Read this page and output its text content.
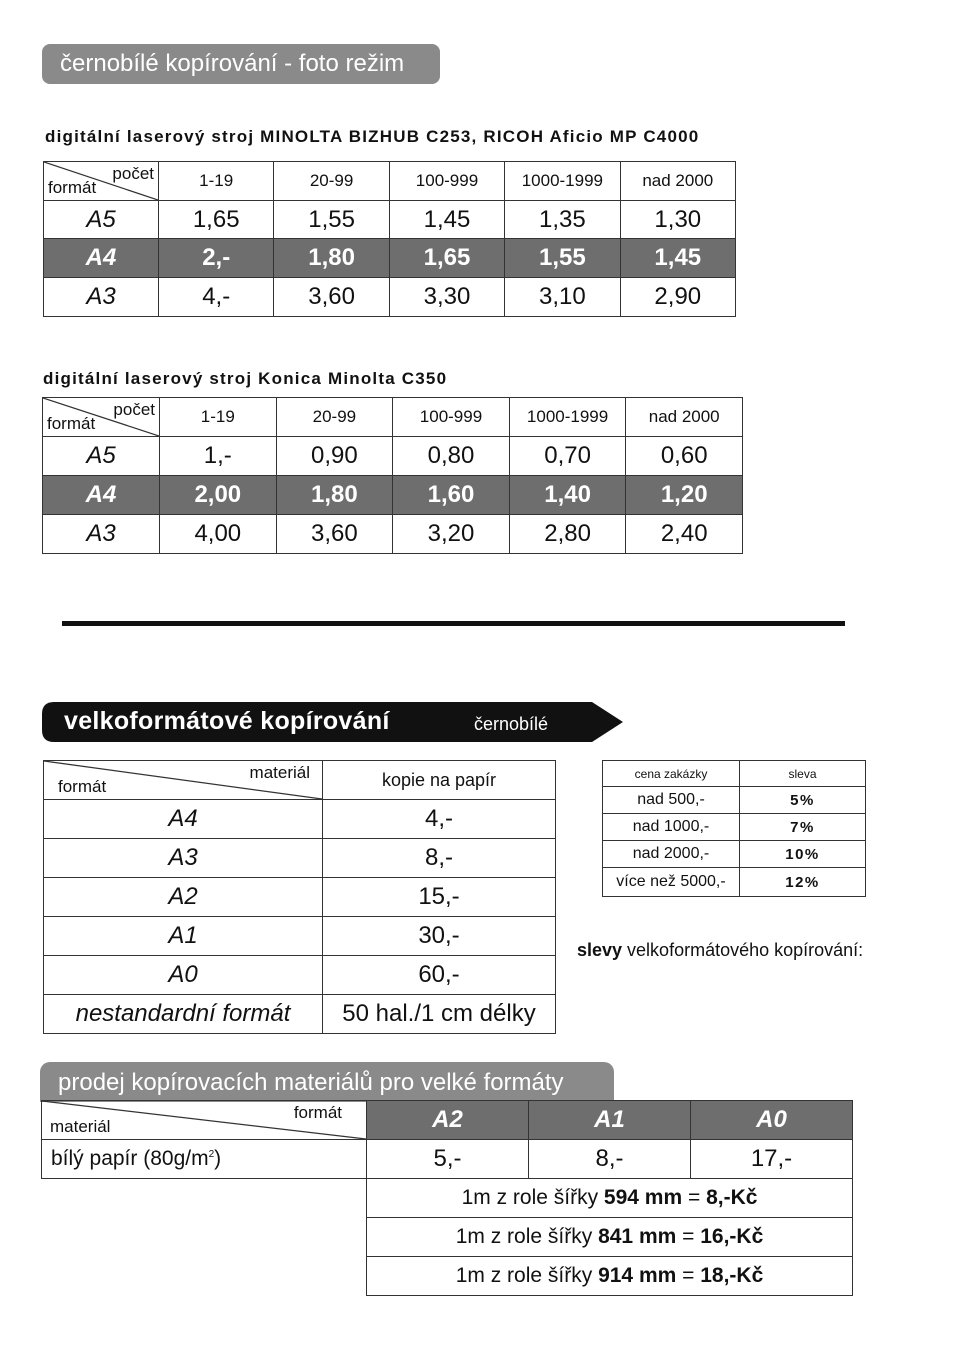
černobílé kopírování - foto režim
digitální laserový stroj MINOLTA BIZHUB C253, RICOH Aficio MP C4000
počet
formát	1-19	20-99	100-999	1000-1999	nad 2000
A5	1,65	1,55	1,45	1,35	1,30
A4	2,-	1,80	1,65	1,55	1,45
A3	4,-	3,60	3,30	3,10	2,90
digitální laserový stroj Konica Minolta C350
počet
formát	1-19	20-99	100-999	1000-1999	nad 2000
A5	1,-	0,90	0,80	0,70	0,60
A4	2,00	1,80	1,60	1,40	1,20
A3	4,00	3,60	3,20	2,80	2,40
velkoformátové kopírování	černobílé
materiál
formát	kopie na papír
A4	4,-
A3	8,-
A2	15,-
A1	30,-
A0	60,-
nestandardní formát	50 hal./1 cm délky
cena zakázky	sleva
nad 500,-	5%
nad 1000,-	7%
nad 2000,-	10%
více než 5000,-	12%
slevy velkoformátového kopírování:
prodej kopírovacích materiálů pro velké formáty
formát
materiál	A2	A1	A0
bílý papír $(80g/m^2)$	5,-	8,-	17,-
	1m z role šířky 594 mm = 8,-Kč		
	1m z role šířky 841 mm = 16,-Kč		
	1m z role šířky 914 mm = 18,-Kč		
